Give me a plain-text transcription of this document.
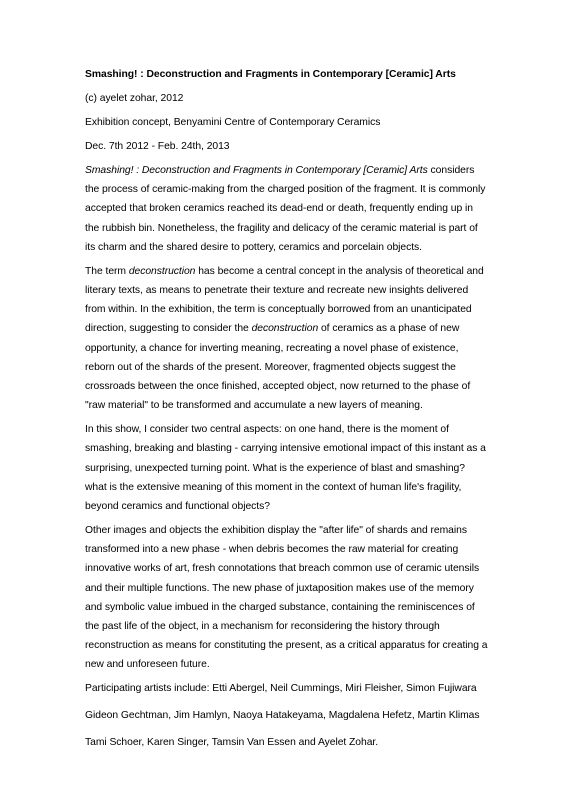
Smashing! : Deconstruction and Fragments in Contemporary [Ceramic] Arts

(c) ayelet zohar, 2012

Exhibition concept, Benyamini Centre of Contemporary Ceramics

Dec. 7th 2012 - Feb. 24th, 2013

Smashing! : Deconstruction and Fragments in Contemporary [Ceramic] Arts considers the process of ceramic-making from the charged position of the fragment. It is commonly accepted that broken ceramics reached its dead-end or death, frequently ending up in the rubbish bin. Nonetheless, the fragility and delicacy of the ceramic material is part of its charm and the shared desire to pottery, ceramics and porcelain objects.

The term deconstruction has become a central concept in the analysis of theoretical and literary texts, as means to penetrate their texture and recreate new insights delivered from within. In the exhibition, the term is conceptually borrowed from an unanticipated direction, suggesting to consider the deconstruction of ceramics as a phase of new opportunity, a chance for inverting meaning, recreating a novel phase of existence, reborn out of the shards of the present. Moreover, fragmented objects suggest the crossroads between the once finished, accepted object, now returned to the phase of "raw material" to be transformed and accumulate a new layers of meaning.

In this show, I consider two central aspects: on one hand, there is the moment of smashing, breaking and blasting - carrying intensive emotional impact of this instant as a surprising, unexpected turning point. What is the experience of blast and smashing? what is the extensive meaning of this moment in the context of human life's fragility, beyond ceramics and functional objects?

Other images and objects the exhibition display the "after life" of shards and remains transformed into a new phase - when debris becomes the raw material for creating innovative works of art, fresh connotations that breach common use of ceramic utensils and their multiple functions. The new phase of juxtaposition makes use of the memory and symbolic value imbued in the charged substance, containing the reminiscences of the past life of the object, in a mechanism for reconsidering the history through reconstruction as means for constituting the present, as a critical apparatus for creating a new and unforeseen future.

Participating artists include: Etti Abergel, Neil Cummings, Miri Fleisher, Simon Fujiwara

Gideon Gechtman, Jim Hamlyn, Naoya Hatakeyama, Magdalena Hefetz, Martin Klimas

Tami Schoer, Karen Singer, Tamsin Van Essen and Ayelet Zohar.
